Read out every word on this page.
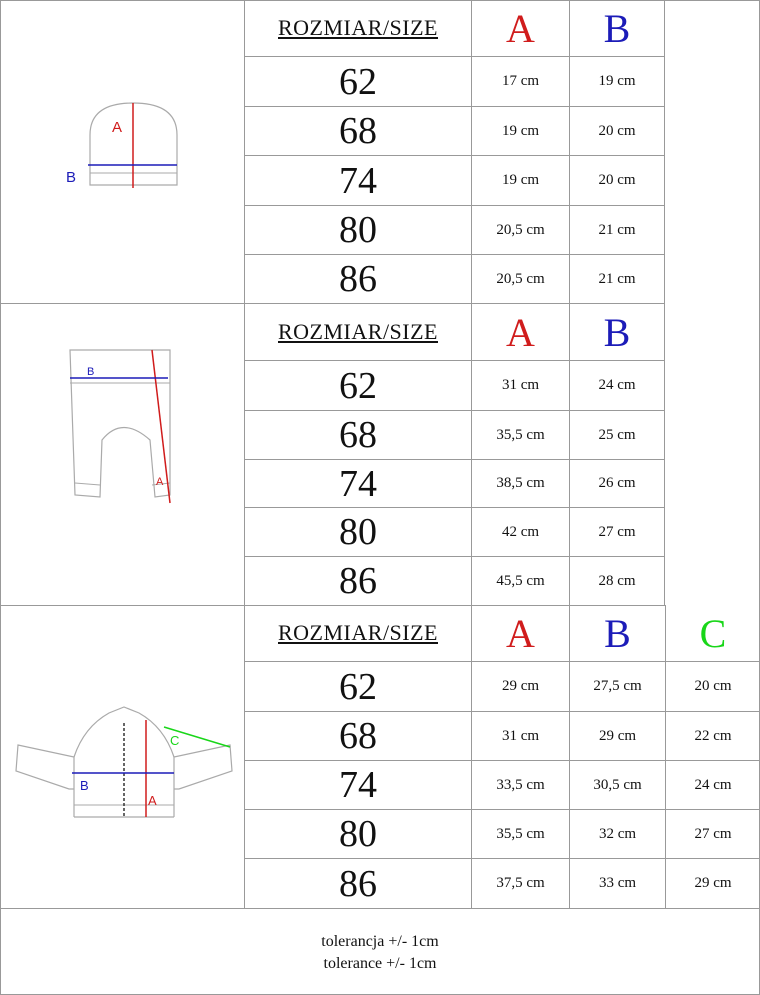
A
B
ROZMIAR/SIZE	A	B
62	17 cm	19 cm
68	19 cm	20 cm
74	19 cm	20 cm
80	20,5 cm	21 cm
86	20,5 cm	21 cm
B
A
ROZMIAR/SIZE	A	B
62	31 cm	24 cm
68	35,5 cm	25 cm
74	38,5 cm	26 cm
80	42 cm	27 cm
86	45,5 cm	28 cm
A
B
C
ROZMIAR/SIZE	A	B	C
62	29 cm	27,5 cm	20 cm
68	31 cm	29 cm	22 cm
74	33,5 cm	30,5 cm	24 cm
80	35,5 cm	32 cm	27 cm
86	37,5 cm	33 cm	29 cm
tolerancja +/- 1cm
tolerance +/- 1cm
